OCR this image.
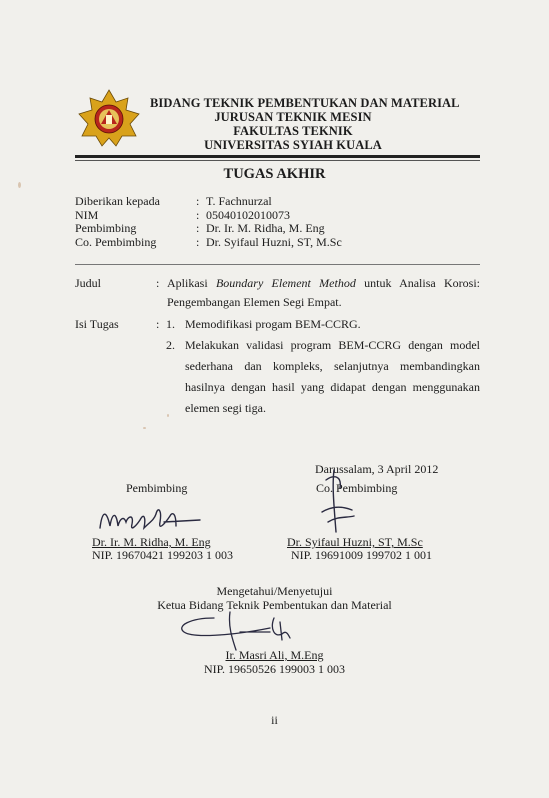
BIDANG TEKNIK PEMBENTUKAN DAN MATERIAL
JURUSAN TEKNIK MESIN
FAKULTAS TEKNIK
UNIVERSITAS SYIAH KUALA
TUGAS AKHIR
Diberikan kepada	: T. Fachnurzal
NIM	: 05040102010073
Pembimbing	: Dr. Ir. M. Ridha, M. Eng
Co. Pembimbing	: Dr. Syifaul Huzni, ST, M.Sc
Judul	: Aplikasi Boundary Element Method untuk Analisa Korosi:
Pengembangan Elemen Segi Empat.
Isi Tugas	: 1. Memodifikasi progam BEM-CCRG.
2. Melakukan validasi program BEM-CCRG dengan model
sederhana dan kompleks, selanjutnya membandingkan
hasilnya dengan hasil yang didapat dengan menggunakan
elemen segi tiga.
Darussalam, 3 April 2012
Pembimbing
Dr. Ir. M. Ridha, M. Eng
NIP. 19670421 199203 1 003
Co. Pembimbing
Dr. Syifaul Huzni, ST, M.Sc
NIP. 19691009 199702 1 001
Mengetahui/Menyetujui
Ketua Bidang Teknik Pembentukan dan Material
Ir. Masri Ali, M.Eng
NIP. 19650526 199003 1 003
ii
